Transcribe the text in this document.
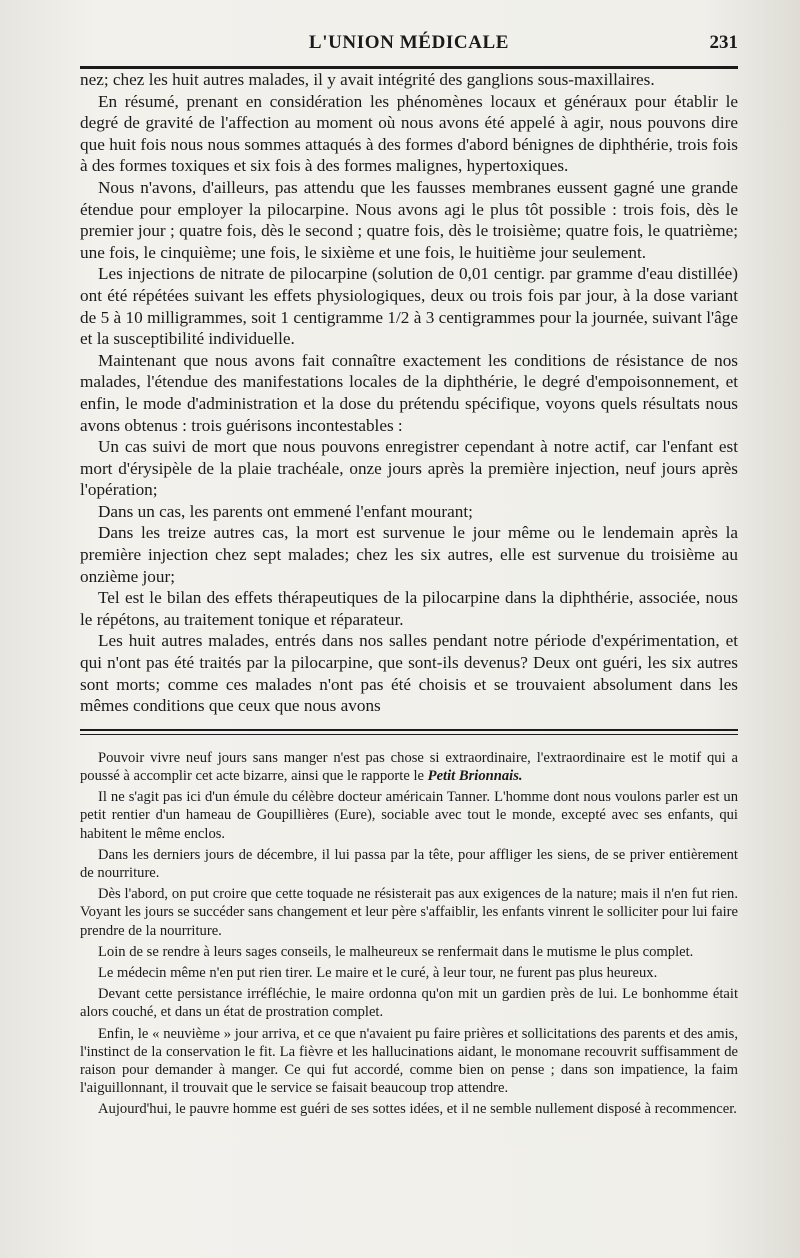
L'UNION MÉDICALE	231

nez; chez les huit autres malades, il y avait intégrité des ganglions sous-maxillaires.

En résumé, prenant en considération les phénomènes locaux et généraux pour établir le degré de gravité de l'affection au moment où nous avons été appelé à agir, nous pouvons dire que huit fois nous nous sommes attaqués à des formes d'abord bénignes de diphthérie, trois fois à des formes toxiques et six fois à des formes malignes, hypertoxiques.

Nous n'avons, d'ailleurs, pas attendu que les fausses membranes eussent gagné une grande étendue pour employer la pilocarpine. Nous avons agi le plus tôt possible : trois fois, dès le premier jour ; quatre fois, dès le second ; quatre fois, dès le troisième; quatre fois, le quatrième; une fois, le cinquième; une fois, le sixième et une fois, le huitième jour seulement.

Les injections de nitrate de pilocarpine (solution de 0,01 centigr. par gramme d'eau distillée) ont été répétées suivant les effets physiologiques, deux ou trois fois par jour, à la dose variant de 5 à 10 milligrammes, soit 1 centigramme 1/2 à 3 centigrammes pour la journée, suivant l'âge et la susceptibilité individuelle.

Maintenant que nous avons fait connaître exactement les conditions de résistance de nos malades, l'étendue des manifestations locales de la diphthérie, le degré d'empoisonnement, et enfin, le mode d'administration et la dose du prétendu spécifique, voyons quels résultats nous avons obtenus : trois guérisons incontestables :

Un cas suivi de mort que nous pouvons enregistrer cependant à notre actif, car l'enfant est mort d'érysipèle de la plaie trachéale, onze jours après la première injection, neuf jours après l'opération;

Dans un cas, les parents ont emmené l'enfant mourant;

Dans les treize autres cas, la mort est survenue le jour même ou le lendemain après la première injection chez sept malades; chez les six autres, elle est survenue du troisième au onzième jour;

Tel est le bilan des effets thérapeutiques de la pilocarpine dans la diphthérie, associée, nous le répétons, au traitement tonique et réparateur.

Les huit autres malades, entrés dans nos salles pendant notre période d'expérimentation, et qui n'ont pas été traités par la pilocarpine, que sont-ils devenus? Deux ont guéri, les six autres sont morts; comme ces malades n'ont pas été choisis et se trouvaient absolument dans les mêmes conditions que ceux que nous avons

Pouvoir vivre neuf jours sans manger n'est pas chose si extraordinaire, l'extraordinaire est le motif qui a poussé à accomplir cet acte bizarre, ainsi que le rapporte le Petit Brionnais.

Il ne s'agit pas ici d'un émule du célèbre docteur américain Tanner. L'homme dont nous voulons parler est un petit rentier d'un hameau de Goupillières (Eure), sociable avec tout le monde, excepté avec ses enfants, qui habitent le même enclos.

Dans les derniers jours de décembre, il lui passa par la tête, pour affliger les siens, de se priver entièrement de nourriture.

Dès l'abord, on put croire que cette toquade ne résisterait pas aux exigences de la nature; mais il n'en fut rien. Voyant les jours se succéder sans changement et leur père s'affaiblir, les enfants vinrent le solliciter pour lui faire prendre de la nourriture.

Loin de se rendre à leurs sages conseils, le malheureux se renfermait dans le mutisme le plus complet.

Le médecin même n'en put rien tirer. Le maire et le curé, à leur tour, ne furent pas plus heureux.

Devant cette persistance irréfléchie, le maire ordonna qu'on mit un gardien près de lui. Le bonhomme était alors couché, et dans un état de prostration complet.

Enfin, le « neuvième » jour arriva, et ce que n'avaient pu faire prières et sollicitations des parents et des amis, l'instinct de la conservation le fit. La fièvre et les hallucinations aidant, le monomane recouvrit suffisamment de raison pour demander à manger. Ce qui fut accordé, comme bien on pense ; dans son impatience, la faim l'aiguillonnant, il trouvait que le service se faisait beaucoup trop attendre.

Aujourd'hui, le pauvre homme est guéri de ses sottes idées, et il ne semble nullement disposé à recommencer.
